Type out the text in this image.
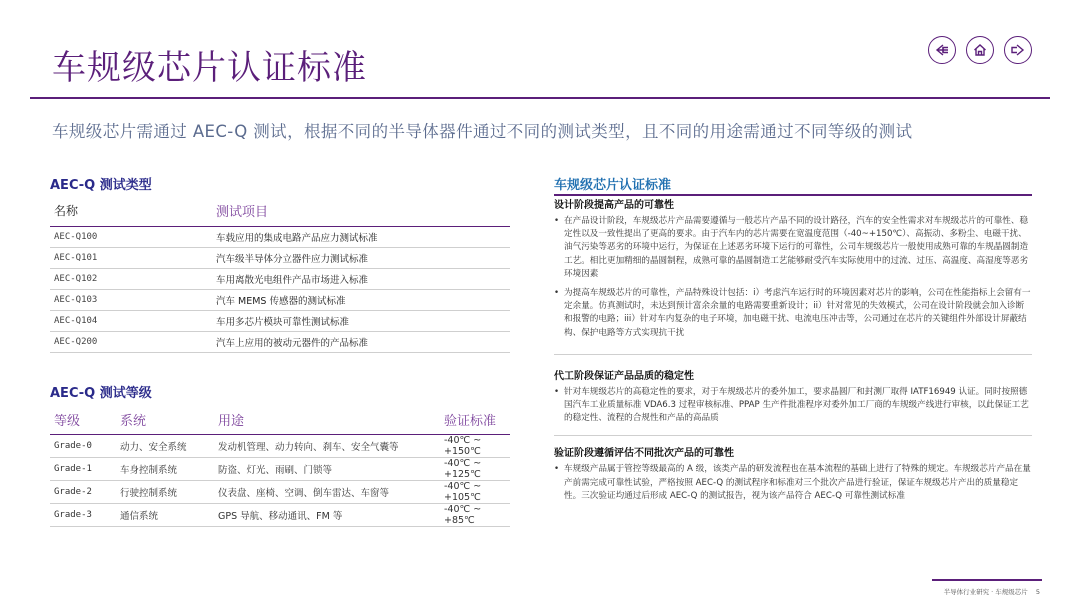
车规级芯片认证标准
车规级芯片需通过 AEC-Q 测试，根据不同的半导体器件通过不同的测试类型，且不同的用途需通过不同等级的测试
AEC-Q 测试类型
名称	测试项目
AEC-Q100	车载应用的集成电路产品应力测试标准
AEC-Q101	汽车级半导体分立器件应力测试标准
AEC-Q102	车用离散光电组件产品市场进入标准
AEC-Q103	汽车 MEMS 传感器的测试标准
AEC-Q104	车用多芯片模块可靠性测试标准
AEC-Q200	汽车上应用的被动元器件的产品标准
AEC-Q 测试等级
等级	系统	用途	验证标准
Grade-0	动力、安全系统	发动机管理、动力转向、刹车、安全气囊等	-40℃ ~ +150℃
Grade-1	车身控制系统	防盗、灯光、雨刷、门锁等	-40℃ ~ +125℃
Grade-2	行驶控制系统	仪表盘、座椅、空调、倒车雷达、车窗等	-40℃ ~ +105℃
Grade-3	通信系统	GPS 导航、移动通讯、FM 等	-40℃ ~ +85℃
车规级芯片认证标准
设计阶段提高产品的可靠性
• 在产品设计阶段，车规级芯片产品需要遵循与一般芯片产品不同的设计路径，汽车的安全性需求对车规级芯片的可靠性、稳定性以及一致性提出了更高的要求。由于汽车内的芯片需要在宽温度范围（-40~+150℃）、高振动、多粉尘、电磁干扰、油气污染等恶劣的环境中运行，为保证在上述恶劣环境下运行的可靠性，公司车规级芯片一般使用成熟可靠的车规晶圆制造工艺。相比更加精细的晶圆制程，成熟可靠的晶圆制造工艺能够耐受汽车实际使用中的过流、过压、高温度、高湿度等恶劣环境因素
• 为提高车规级芯片的可靠性，产品特殊设计包括：i）考虑汽车运行时的环境因素对芯片的影响，公司在性能指标上会留有一定余量。仿真测试时，未达到预计富余余量的电路需要重新设计；ii）针对常见的失效模式，公司在设计阶段就会加入诊断和报警的电路；iii）针对车内复杂的电子环境，加电磁干扰、电流电压冲击等，公司通过在芯片的关键组件外部设计屏蔽结构、保护电路等方式实现抗干扰
代工阶段保证产品品质的稳定性
• 针对车规级芯片的高稳定性的要求，对于车规级芯片的委外加工，要求晶圆厂和封测厂取得 IATF16949 认证。同时按照德国汽车工业质量标准 VDA6.3 过程审核标准、PPAP 生产件批准程序对委外加工厂商的车规级产线进行审核，以此保证工艺的稳定性、流程的合规性和产品的高品质
验证阶段遵循评估不同批次产品的可靠性
• 车规级产品属于管控等级最高的 A 级，该类产品的研发流程也在基本流程的基础上进行了特殊的规定。车规级芯片产品在量产前需完成可靠性试验，严格按照 AEC-Q 的测试程序和标准对三个批次产品进行验证，保证车规级芯片产出的质量稳定性。三次验证均通过后形成 AEC-Q 的测试报告，视为该产品符合 AEC-Q 可靠性测试标准
半导体行业研究 · 车规级芯片 5
